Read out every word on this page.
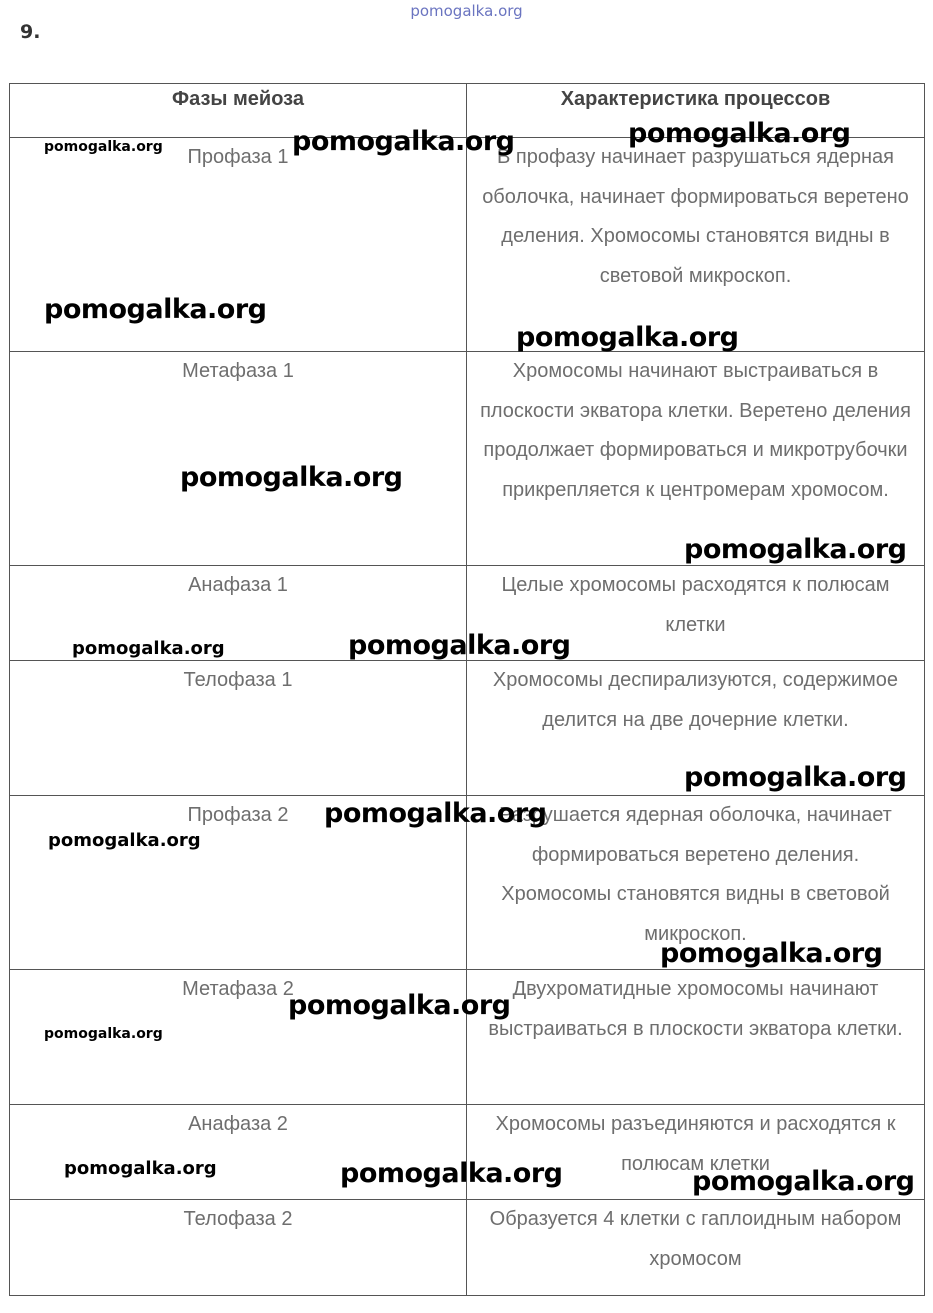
pomogalka.org
9.
Фазы мейоза	Характеристика процессов
Профаза 1	В профазу начинает разрушаться ядерная оболочка, начинает формироваться веретено деления. Хромосомы становятся видны в световой микроскоп.
Метафаза 1	Хромосомы начинают выстраиваться в плоскости экватора клетки. Веретено деления продолжает формироваться и микротрубочки прикрепляется к центромерам хромосом.
Анафаза 1	Целые хромосомы расходятся к полюсам клетки
Телофаза 1	Хромосомы деспирализуются, содержимое делится на две дочерние клетки.
Профаза 2	Разрушается ядерная оболочка, начинает формироваться веретено деления. Хромосомы становятся видны в световой микроскоп.
Метафаза 2	Двухроматидные хромосомы начинают выстраиваться в плоскости экватора клетки.
Анафаза 2	Хромосомы разъединяются и расходятся к полюсам клетки
Телофаза 2	Образуется 4 клетки с гаплоидным набором хромосом
pomogalka.org	pomogalka.org	pomogalka.org
pomogalka.org
pomogalka.org
pomogalka.org
pomogalka.org
pomogalka.org	pomogalka.org
pomogalka.org
pomogalka.org
pomogalka.org
pomogalka.org
pomogalka.org
pomogalka.org
pomogalka.org	pomogalka.org	pomogalka.org
